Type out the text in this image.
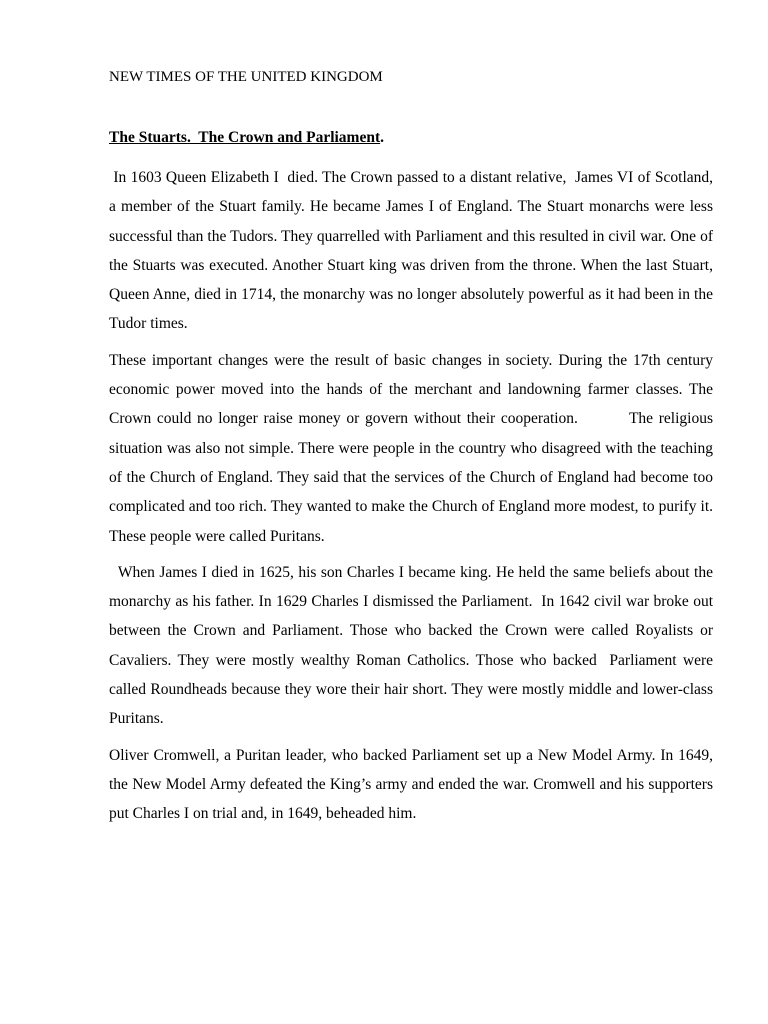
NEW TIMES OF THE UNITED KINGDOM
The Stuarts.  The Crown and Parliament.

In 1603 Queen Elizabeth I  died. The Crown passed to a distant relative,  James VI of Scotland, a member of the Stuart family. He became James I of England. The Stuart monarchs were less successful than the Tudors. They quarrelled with Parliament and this resulted in civil war. One of the Stuarts was executed. Another Stuart king was driven from the throne. When the last Stuart, Queen Anne, died in 1714, the monarchy was no longer absolutely powerful as it had been in the Tudor times.

These important changes were the result of basic changes in society. During the 17th century economic power moved into the hands of the merchant and landowning farmer classes. The Crown could no longer raise money or govern without their cooperation.         The religious situation was also not simple. There were people in the country who disagreed with the teaching of the Church of England. They said that the services of the Church of England had become too complicated and too rich. They wanted to make the Church of England more modest, to purify it. These people were called Puritans.

When James I died in 1625, his son Charles I became king. He held the same beliefs about the monarchy as his father. In 1629 Charles I dismissed the Parliament.  In 1642 civil war broke out between the Crown and Parliament. Those who backed the Crown were called Royalists or Cavaliers. They were mostly wealthy Roman Catholics. Those who backed  Parliament were called Roundheads because they wore their hair short. They were mostly middle and lower-class Puritans.

Oliver Cromwell, a Puritan leader, who backed Parliament set up a New Model Army. In 1649, the New Model Army defeated the King’s army and ended the war. Cromwell and his supporters put Charles I on trial and, in 1649, beheaded him.
